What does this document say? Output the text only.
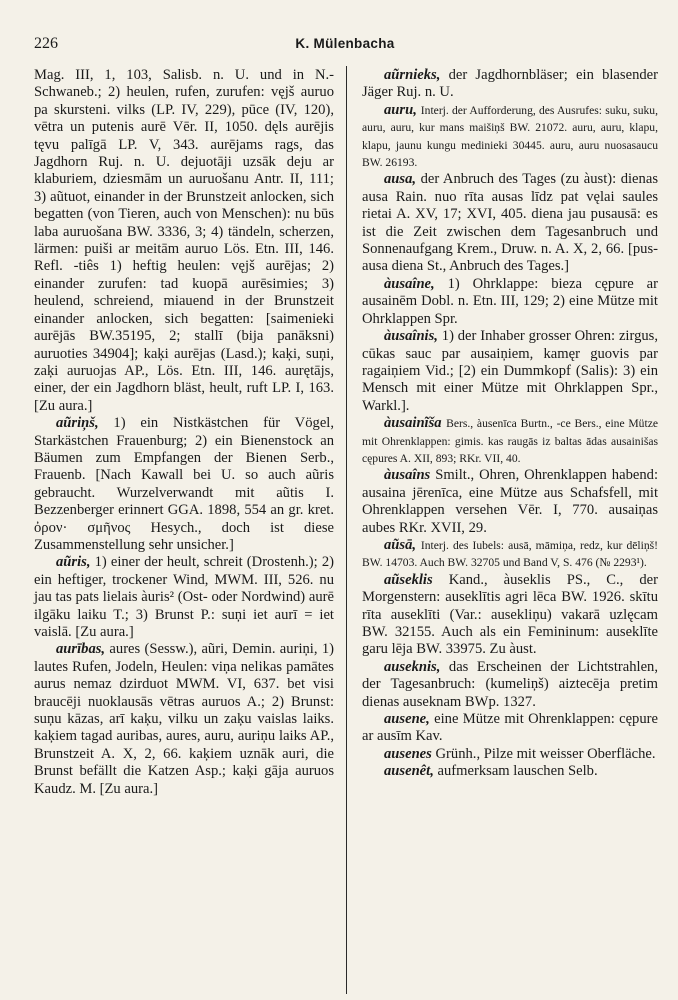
226	K. Mülenbacha

Mag. III, 1, 103, Salisb. n. U. und in N.-Schwaneb.; 2) heulen, rufen, zurufen: vęjš auruo pa skursteni. vilks (LP. IV, 229), pūce (IV, 120), vētra un putenis aurē Vēr. II, 1050. dęls aurējis tęvu palīgā LP. V, 343. aurējams rags, das Jagdhorn Ruj. n. U. dejuotāji uzsāk deju ar klaburiem, dziesmām un auruošanu Antr. II, 111; 3) aũtuot, einander in der Brunstzeit anlocken, sich begatten (von Tieren, auch von Menschen): nu būs laba auruošana BW. 3336, 3; 4) tändeln, scherzen, lärmen: puiši ar meitām auruo Lös. Etn. III, 146. Refl. -tiês 1) heftig heulen: vęjš aurējas; 2) einander zurufen: tad kuopā aurēsimies; 3) heulend, schreiend, miauend in der Brunstzeit einander anlocken, sich begatten: [saimenieki aurējās BW.35195, 2; stallī (bija panāksni) auruoties 34904]; kaķi aurējas (Lasd.); kaķi, suņi, zaķi auruojas AP., Lös. Etn. III, 146. aurętājs, einer, der ein Jagdhorn bläst, heult, ruft LP. I, 163. [Zu aura.]

aũriņš, 1) ein Nistkästchen für Vögel, Starkästchen Frauenburg; 2) ein Bienenstock an Bäumen zum Empfangen der Bienen Serb., Frauenb. [Nach Kawall bei U. so auch aũris gebraucht. Wurzelverwandt mit aũtis I. Bezzenberger erinnert GGA. 1898, 554 an gr. kret. ὀρον· σμῆνος Hesych., doch ist diese Zusammenstellung sehr unsicher.]

aũris, 1) einer der heult, schreit (Drostenh.); 2) ein heftiger, trockener Wind, MWM. III, 526. nu jau tas pats lielais àuris² (Ost- oder Nordwind) aurē ilgāku laiku T.; 3) Brunst P.: suņi iet aurī = iet vaislā. [Zu aura.]

aurības, aures (Sessw.), aũri, Demin. auriņi, 1) lautes Rufen, Jodeln, Heulen: viņa nelikas pamātes aurus nemaz dzirduot MWM. VI, 637. bet visi braucēji nuoklausās vētras auruos A.; 2) Brunst: suņu kāzas, arī kaķu, vilku un zaķu vaislas laiks. kaķiem tagad auribas, aures, auru, auriņu laiks AP., Brunstzeit A. X, 2, 66. kaķiem uznāk auri, die Brunst befällt die Katzen Asp.; kaķi gāja auruos Kaudz. M. [Zu aura.]

aũrnieks, der Jagdhornbläser; ein blasender Jäger Ruj. n. U.

auru, Interj. der Aufforderung, des Ausrufes: suku, suku, auru, auru, kur mans maišiņš BW. 21072. auru, auru, klapu, klapu, jaunu kungu medinieki 30445. auru, auru nuosasaucu BW. 26193.

ausa, der Anbruch des Tages (zu àust): dienas ausa Rain. nuo rīta ausas līdz pat vęlai saules rietai A. XV, 17; XVI, 405. diena jau pusausā: es ist die Zeit zwischen dem Tagesanbruch und Sonnenaufgang Krem., Druw. n. A. X, 2, 66. [pus-ausa diena St., Anbruch des Tages.]

àusaîne, 1) Ohrklappe: bieza cępure ar ausainēm Dobl. n. Etn. III, 129; 2) eine Mütze mit Ohrklappen Spr.

àusaînis, 1) der Inhaber grosser Ohren: zirgus, cūkas sauc par ausaiņiem, kamęr guovis par ragaiņiem Vid.; [2) ein Dummkopf (Salis): 3) ein Mensch mit einer Mütze mit Ohrklappen Spr., Warkl.].

àusainĩša Bers., àusenīca Burtn., -ce Bers., eine Mütze mit Ohrenklappen: gimis. kas raugās iz baltas ādas ausainišas cępures A. XII, 893; RKr. VII, 40.

àusaîns Smilt., Ohren, Ohrenklappen habend: ausaina jērenīca, eine Mütze aus Schafsfell, mit Ohrenklappen versehen Vēr. I, 770. ausaiņas aubes RKr. XVII, 29.

aũsā, Interj. des Iubels: ausā, māmiņa, redz, kur dēliņš! BW. 14703. Auch BW. 32705 und Band V, S. 476 (№ 2293¹).

aũseklis Kand., àuseklis PS., C., der Morgenstern: auseklītis agri lēca BW. 1926. skītu rīta auseklīti (Var.: ausekliņu) vakarā uzlęcam BW. 32155. Auch als ein Femininum: auseklīte garu lēja BW. 33975. Zu àust.

auseknis, das Erscheinen der Lichtstrahlen, der Tagesanbruch: (kumeliņš) aiztecēja pretim dienas auseknam BWp. 1327.

ausene, eine Mütze mit Ohrenklappen: cępure ar ausīm Kav.

ausenes Grünh., Pilze mit weisser Oberfläche.

ausenêt, aufmerksam lauschen Selb.
